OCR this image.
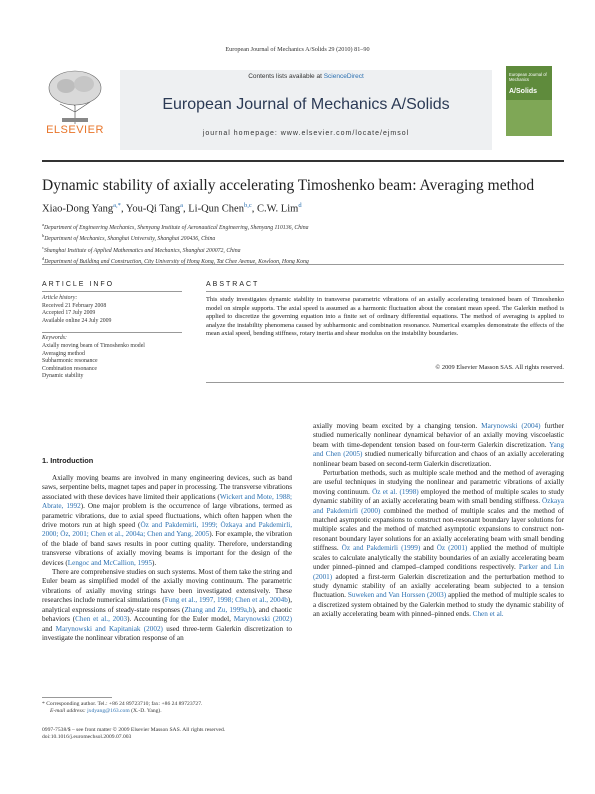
European Journal of Mechanics A/Solids 29 (2010) 81–90
Contents lists available at ScienceDirect
European Journal of Mechanics A/Solids
journal homepage: www.elsevier.com/locate/ejmsol
ELSEVIER
European Journal of Mechanics
A/Solids
Dynamic stability of axially accelerating Timoshenko beam: Averaging method
Xiao-Dong Yang$^{a,*}$, You-Qi Tang$^a$, Li-Qun Chen$^{b,c}$, C.W. Lim$^d$
$^a$Department of Engineering Mechanics, Shenyang Institute of Aeronautical Engineering, Shenyang 110136, China
$^b$Department of Mechanics, Shanghai University, Shanghai 200436, China
$^c$Shanghai Institute of Applied Mathematics and Mechanics, Shanghai 200072, China
$^d$Department of Building and Construction, City University of Hong Kong, Tat Chee Avenue, Kowloon, Hong Kong
ARTICLE INFO
Article history:
Received 21 February 2008
Accepted 17 July 2009
Available online 24 July 2009
Keywords:
Axially moving beam of Timoshenko model
Averaging method
Subharmonic resonance
Combination resonance
Dynamic stability
ABSTRACT
This study investigates dynamic stability in transverse parametric vibrations of an axially accelerating tensioned beam of Timoshenko model on simple supports. The axial speed is assumed as a harmonic fluctuation about the constant mean speed. The Galerkin method is applied to discretize the governing equation into a finite set of ordinary differential equations. The method of averaging is applied to analyze the instability phenomena caused by subharmonic and combination resonance. Numerical examples demonstrate the effects of the mean axial speed, bending stiffness, rotary inertia and shear modulus on the instability boundaries.
© 2009 Elsevier Masson SAS. All rights reserved.
1. Introduction

Axially moving beams are involved in many engineering devices, such as band saws, serpentine belts, magnet tapes and paper in processing. The transverse vibrations associated with these devices have limited their applications (Wickert and Mote, 1988; Abrate, 1992). One major problem is the occurrence of large vibrations, termed as parametric vibrations, due to axial speed fluctuations, which often happen when the drive motors run at high speed (Öz and Pakdemirli, 1999; Özkaya and Pakdemirli, 2000; Öz, 2001; Chen et al., 2004a; Chen and Yang, 2005). For example, the vibration of the blade of band saws results in poor cutting quality. Therefore, understanding transverse vibrations of axially moving beams is important for the design of the devices (Lengoc and McCallion, 1995).

There are comprehensive studies on such systems. Most of them take the string and Euler beam as simplified model of the axially moving continuum. The parametric vibrations of axially moving strings have been investigated extensively. These researches include numerical simulations (Fung et al., 1997, 1998; Chen et al., 2004b), analytical expressions of steady-state responses (Zhang and Zu, 1999a,b), and chaotic behaviors (Chen et al., 2003). Accounting for the Euler model, Marynowski (2002) and Marynowski and Kapitaniak (2002) used three-term Galerkin discretization to investigate the nonlinear vibration response of an

axially moving beam excited by a changing tension. Marynowski (2004) further studied numerically nonlinear dynamical behavior of an axially moving viscoelastic beam with time-dependent tension based on four-term Galerkin discretization. Yang and Chen (2005) studied numerically bifurcation and chaos of an axially accelerating nonlinear beam based on second-term Galerkin discretization.

Perturbation methods, such as multiple scale method and the method of averaging are useful techniques in studying the nonlinear and parametric vibrations of axially moving continuum. Öz et al. (1998) employed the method of multiple scales to study dynamic stability of an axially accelerating beam with small bending stiffness. Özkaya and Pakdemirli (2000) combined the method of multiple scales and the method of matched asymptotic expansions to construct non-resonant boundary layer solutions for multiple scales and the method of matched asymptotic expansions to construct non-resonant boundary layer solutions for an axially accelerating beam with small bending stiffness. Öz and Pakdemirli (1999) and Öz (2001) applied the method of multiple scales to calculate analytically the stability boundaries of an axially accelerating beam under pinned–pinned and clamped–clamped conditions respectively. Parker and Lin (2001) adopted a first-term Galerkin discretization and the perturbation method to study dynamic stability of an axially accelerating beam subjected to a tension fluctuation. Suweken and Van Horssen (2003) applied the method of multiple scales to a discretized system obtained by the Galerkin method to study the dynamic stability of an axially accelerating beam with pinned–pinned ends. Chen et al.

* Corresponding author. Tel.: +86 24 89723710; fax: +86 24 89723727.
E-mail address: jxdyang@163.com (X.-D. Yang).
0997-7538/$ – see front matter © 2009 Elsevier Masson SAS. All rights reserved.
doi:10.1016/j.euromechsol.2009.07.003
